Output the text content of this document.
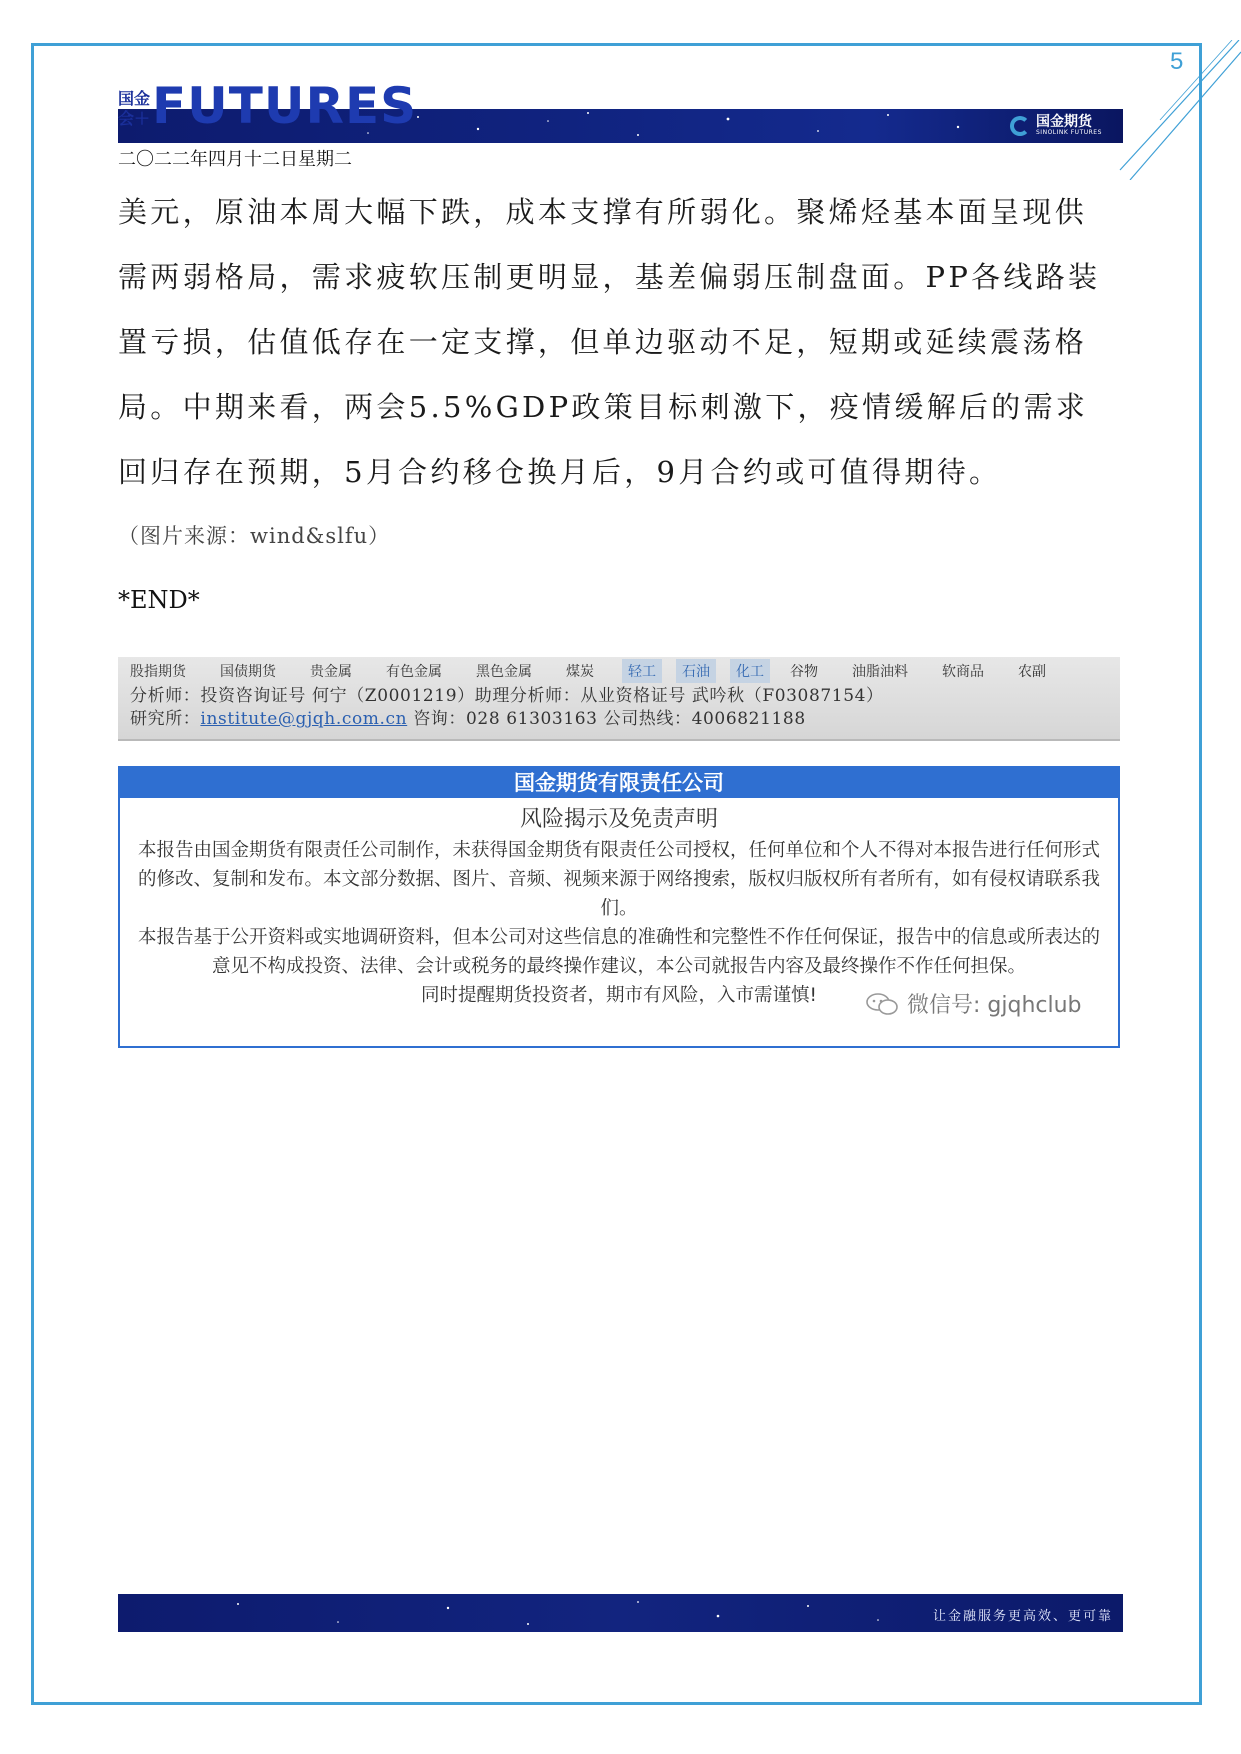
5
国金会＋ FUTURES	国金期货
SINOLINK FUTURES
二〇二二年四月十二日星期二

美元，原油本周大幅下跌，成本支撑有所弱化。聚烯烃基本面呈现供需两弱格局，需求疲软压制更明显，基差偏弱压制盘面。PP各线路装置亏损，估值低存在一定支撑，但单边驱动不足，短期或延续震荡格局。中期来看，两会5.5%GDP政策目标刺激下，疫情缓解后的需求回归存在预期，5月合约移仓换月后，9月合约或可值得期待。

（图片来源：wind&slfu）
*END*
股指期货	国债期货	贵金属	有色金属	黑色金属	煤炭	轻工	石油	化工	谷物	油脂油料	软商品	农副
分析师：投资咨询证号 何宁（Z0001219）助理分析师：从业资格证号 武吟秋（F03087154）
研究所：institute@gjqh.com.cn 咨询：028 61303163 公司热线：4006821188
国金期货有限责任公司
风险揭示及免责声明
本报告由国金期货有限责任公司制作，未获得国金期货有限责任公司授权，任何单位和个人不得对本报告进行任何形式的修改、复制和发布。本文部分数据、图片、音频、视频来源于网络搜索，版权归版权所有者所有，如有侵权请联系我们。
本报告基于公开资料或实地调研资料，但本公司对这些信息的准确性和完整性不作任何保证，报告中的信息或所表达的意见不构成投资、法律、会计或税务的最终操作建议，本公司就报告内容及最终操作不作任何担保。
同时提醒期货投资者，期市有风险，入市需谨慎!	微信号: gjqhclub
让金融服务更高效、更可靠
